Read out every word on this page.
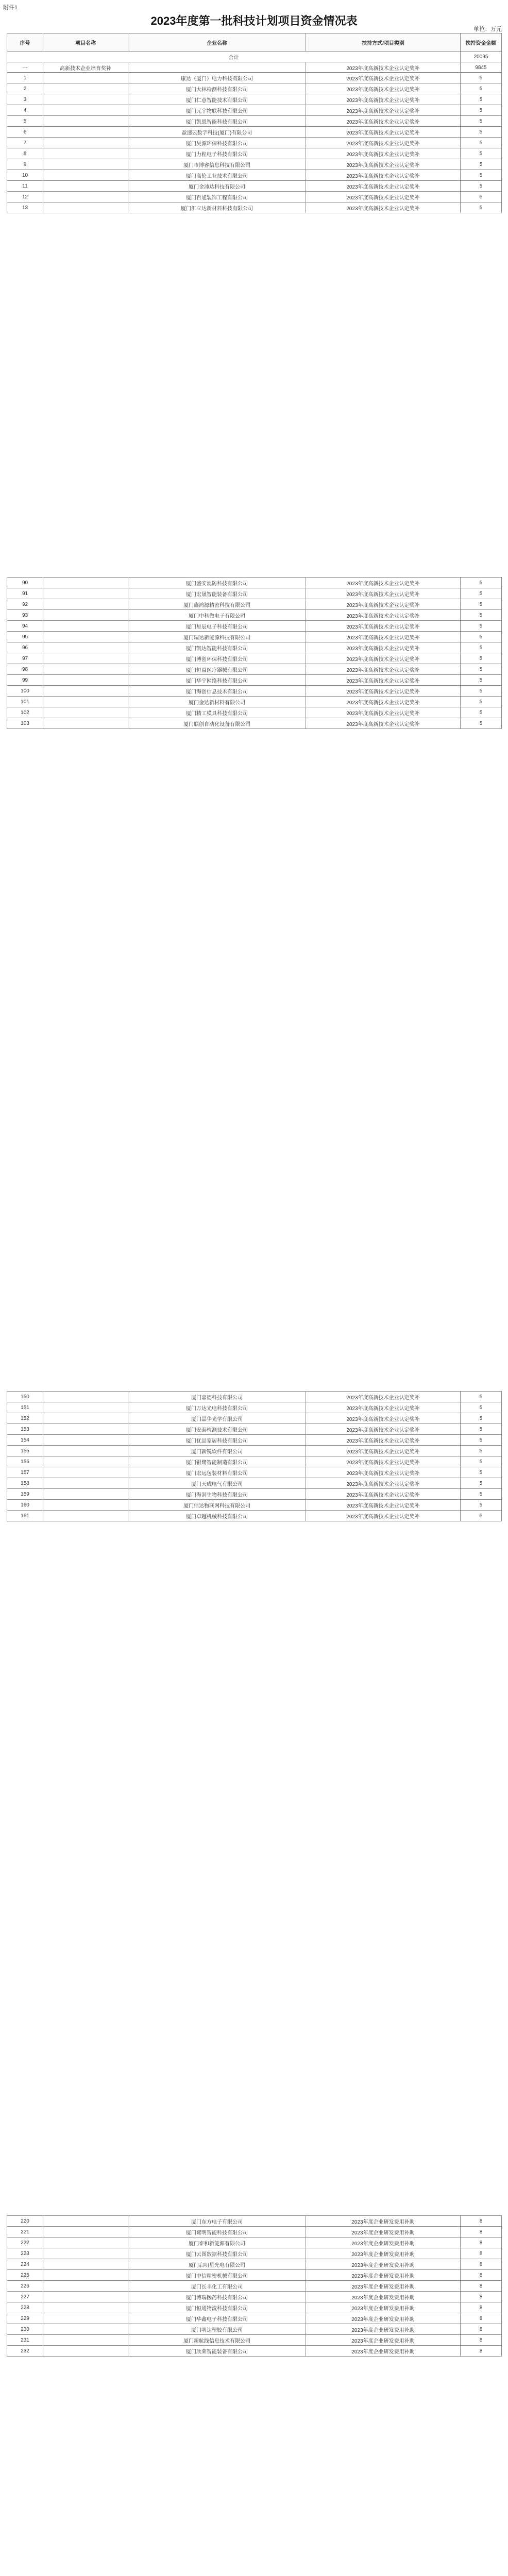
附件1
2023年度第一批科技计划项目资金情况表
单位：万元
序号	项目名称	企业名称	扶持方式/项目类别	扶持资金金额
合计				20095
一	高新技术企业培育奖补		2023年度高新技术企业认定奖补	9845
1		康达（厦门）电力科技有限公司	2023年度高新技术企业认定奖补	5
2		厦门大林检测科技有限公司	2023年度高新技术企业认定奖补	5
3		厦门仁意智能技术有限公司	2023年度高新技术企业认定奖补	5
4		厦门元宇物联科技有限公司	2023年度高新技术企业认定奖补	5
5		厦门凯恩智能科技有限公司	2023年度高新技术企业认定奖补	5
6		盈速云数字科技(厦门)有限公司	2023年度高新技术企业认定奖补	5
7		厦门昊源环保科技有限公司	2023年度高新技术企业认定奖补	5
8		厦门力程电子科技有限公司	2023年度高新技术企业认定奖补	5
9		厦门市博睿信息科技有限公司	2023年度高新技术企业认定奖补	5
10		厦门高伦工业技术有限公司	2023年度高新技术企业认定奖补	5
11		厦门金沛达科技有限公司	2023年度高新技术企业认定奖补	5
12		厦门百旭装饰工程有限公司	2023年度高新技术企业认定奖补	5
13		厦门汇立达新材料科技有限公司	2023年度高新技术企业认定奖补	5
90		厦门盛安消防科技有限公司	2023年度高新技术企业认定奖补	5
91		厦门宏晟智能装备有限公司	2023年度高新技术企业认定奖补	5
92		厦门鑫鸿源精密科技有限公司	2023年度高新技术企业认定奖补	5
93		厦门中科微电子有限公司	2023年度高新技术企业认定奖补	5
94		厦门星辰电子科技有限公司	2023年度高新技术企业认定奖补	5
95		厦门瑞达新能源科技有限公司	2023年度高新技术企业认定奖补	5
96		厦门凯达智能科技有限公司	2023年度高新技术企业认定奖补	5
97		厦门博创环保科技有限公司	2023年度高新技术企业认定奖补	5
98		厦门恒益医疗器械有限公司	2023年度高新技术企业认定奖补	5
99		厦门华宇网络科技有限公司	2023年度高新技术企业认定奖补	5
100		厦门海创信息技术有限公司	2023年度高新技术企业认定奖补	5
101		厦门金达新材料有限公司	2023年度高新技术企业认定奖补	5
102		厦门精工模具科技有限公司	2023年度高新技术企业认定奖补	5
103		厦门联创自动化设备有限公司	2023年度高新技术企业认定奖补	5
150		厦门嘉德科技有限公司	2023年度高新技术企业认定奖补	5
151		厦门万达光电科技有限公司	2023年度高新技术企业认定奖补	5
152		厦门晶华光学有限公司	2023年度高新技术企业认定奖补	5
153		厦门安泰检测技术有限公司	2023年度高新技术企业认定奖补	5
154		厦门优品家居科技有限公司	2023年度高新技术企业认定奖补	5
155		厦门新锐软件有限公司	2023年度高新技术企业认定奖补	5
156		厦门银鹭智能制造有限公司	2023年度高新技术企业认定奖补	5
157		厦门宏远包装材料有限公司	2023年度高新技术企业认定奖补	5
158		厦门天成电气有限公司	2023年度高新技术企业认定奖补	5
159		厦门海润生物科技有限公司	2023年度高新技术企业认定奖补	5
160		厦门信达物联网科技有限公司	2023年度高新技术企业认定奖补	5
161		厦门卓越机械科技有限公司	2023年度高新技术企业认定奖补	5
220		厦门东方电子有限公司	2023年度企业研发费用补助	8
221		厦门鹭明智能科技有限公司	2023年度企业研发费用补助	8
222		厦门泰和新能源有限公司	2023年度企业研发费用补助	8
223		厦门云图数据科技有限公司	2023年度企业研发费用补助	8
224		厦门启明星光电有限公司	2023年度企业研发费用补助	8
225		厦门中信精密机械有限公司	2023年度企业研发费用补助	8
226		厦门长丰化工有限公司	2023年度企业研发费用补助	8
227		厦门博瑞医药科技有限公司	2023年度企业研发费用补助	8
228		厦门恒通物流科技有限公司	2023年度企业研发费用补助	8
229		厦门华鑫电子科技有限公司	2023年度企业研发费用补助	8
230		厦门明达塑胶有限公司	2023年度企业研发费用补助	8
231		厦门新航线信息技术有限公司	2023年度企业研发费用补助	8
232		厦门欣荣智能装备有限公司	2023年度企业研发费用补助	8
